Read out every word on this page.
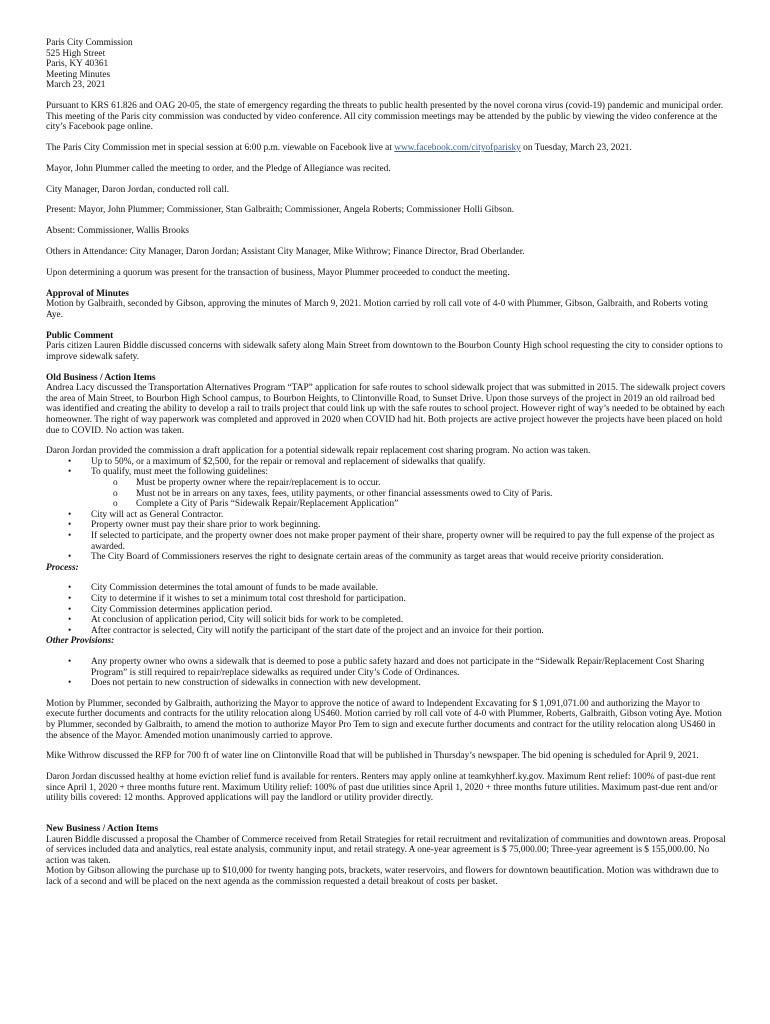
Paris City Commission
525 High Street
Paris, KY 40361
Meeting Minutes
March 23, 2021

Pursuant to KRS 61.826 and OAG 20-05, the state of emergency regarding the threats to public health presented by the novel corona virus (covid-19) pandemic and municipal order. This meeting of the Paris city commission was conducted by video conference. All city commission meetings may be attended by the public by viewing the video conference at the city’s Facebook page online.

The Paris City Commission met in special session at 6:00 p.m. viewable on Facebook live at www.facebook.com/cityofparisky on Tuesday, March 23, 2021.

Mayor, John Plummer called the meeting to order, and the Pledge of Allegiance was recited.

City Manager, Daron Jordan, conducted roll call.

Present: Mayor, John Plummer; Commissioner, Stan Galbraith; Commissioner, Angela Roberts; Commissioner Holli Gibson.

Absent: Commissioner, Wallis Brooks

Others in Attendance: City Manager, Daron Jordan; Assistant City Manager, Mike Withrow; Finance Director, Brad Oberlander.

Upon determining a quorum was present for the transaction of business, Mayor Plummer proceeded to conduct the meeting.

Approval of Minutes
Motion by Galbraith, seconded by Gibson, approving the minutes of March 9, 2021. Motion carried by roll call vote of 4-0 with Plummer, Gibson, Galbraith, and Roberts voting Aye.
Public Comment
Paris citizen Lauren Biddle discussed concerns with sidewalk safety along Main Street from downtown to the Bourbon County High school requesting the city to consider options to improve sidewalk safety.
Old Business / Action Items
Andrea Lacy discussed the Transportation Alternatives Program “TAP” application for safe routes to school sidewalk project that was submitted in 2015. The sidewalk project covers the area of Main Street, to Bourbon High School campus, to Bourbon Heights, to Clintonville Road, to Sunset Drive. Upon those surveys of the project in 2019 an old railroad bed was identified and creating the ability to develop a rail to trails project that could link up with the safe routes to school project. However right of way’s needed to be obtained by each homeowner. The right of way paperwork was completed and approved in 2020 when COVID had hit. Both projects are active project however the projects have been placed on hold due to COVID. No action was taken.
Daron Jordan provided the commission a draft application for a potential sidewalk repair replacement cost sharing program. No action was taken.
• Up to 50%, or a maximum of $2,500, for the repair or removal and replacement of sidewalks that qualify.
• To qualify, must meet the following guidelines:
o Must be property owner where the repair/replacement is to occur.
o Must not be in arrears on any taxes, fees, utility payments, or other financial assessments owed to City of Paris.
o Complete a City of Paris “Sidewalk Repair/Replacement Application”
• City will act as General Contractor.
• Property owner must pay their share prior to work beginning.
• If selected to participate, and the property owner does not make proper payment of their share, property owner will be required to pay the full expense of the project as awarded.
• The City Board of Commissioners reserves the right to designate certain areas of the community as target areas that would receive priority consideration.
Process:
• City Commission determines the total amount of funds to be made available.
• City to determine if it wishes to set a minimum total cost threshold for participation.
• City Commission determines application period.
• At conclusion of application period, City will solicit bids for work to be completed.
• After contractor is selected, City will notify the participant of the start date of the project and an invoice for their portion.
Other Provisions:
• Any property owner who owns a sidewalk that is deemed to pose a public safety hazard and does not participate in the “Sidewalk Repair/Replacement Cost Sharing Program” is still required to repair/replace sidewalks as required under City’s Code of Ordinances.
• Does not pertain to new construction of sidewalks in connection with new development.

Motion by Plummer, seconded by Galbraith, authorizing the Mayor to approve the notice of award to Independent Excavating for $ 1,091,071.00 and authorizing the Mayor to execute further documents and contracts for the utility relocation along US460. Motion carried by roll call vote of 4-0 with Plummer, Roberts, Galbraith, Gibson voting Aye. Motion by Plummer, seconded by Galbraith, to amend the motion to authorize Mayor Pro Tem to sign and execute further documents and contract for the utility relocation along US460 in the absence of the Mayor. Amended motion unanimously carried to approve.

Mike Withrow discussed the RFP for 700 ft of water line on Clintonville Road that will be published in Thursday’s newspaper. The bid opening is scheduled for April 9, 2021.

Daron Jordan discussed healthy at home eviction relief fund is available for renters. Renters may apply online at teamkyhherf.ky.gov. Maximum Rent relief: 100% of past-due rent since April 1, 2020 + three months future rent. Maximum Utility relief: 100% of past due utilities since April 1, 2020 + three months future utilities. Maximum past-due rent and/or utility bills covered: 12 months. Approved applications will pay the landlord or utility provider directly.

New Business / Action Items
Lauren Biddle discussed a proposal the Chamber of Commerce received from Retail Strategies for retail recruitment and revitalization of communities and downtown areas. Proposal of services included data and analytics, real estate analysis, community input, and retail strategy. A one-year agreement is $ 75,000.00; Three-year agreement is $ 155,000.00. No action was taken.
Motion by Gibson allowing the purchase up to $10,000 for twenty hanging pots, brackets, water reservoirs, and flowers for downtown beautification. Motion was withdrawn due to lack of a second and will be placed on the next agenda as the commission requested a detail breakout of costs per basket.
